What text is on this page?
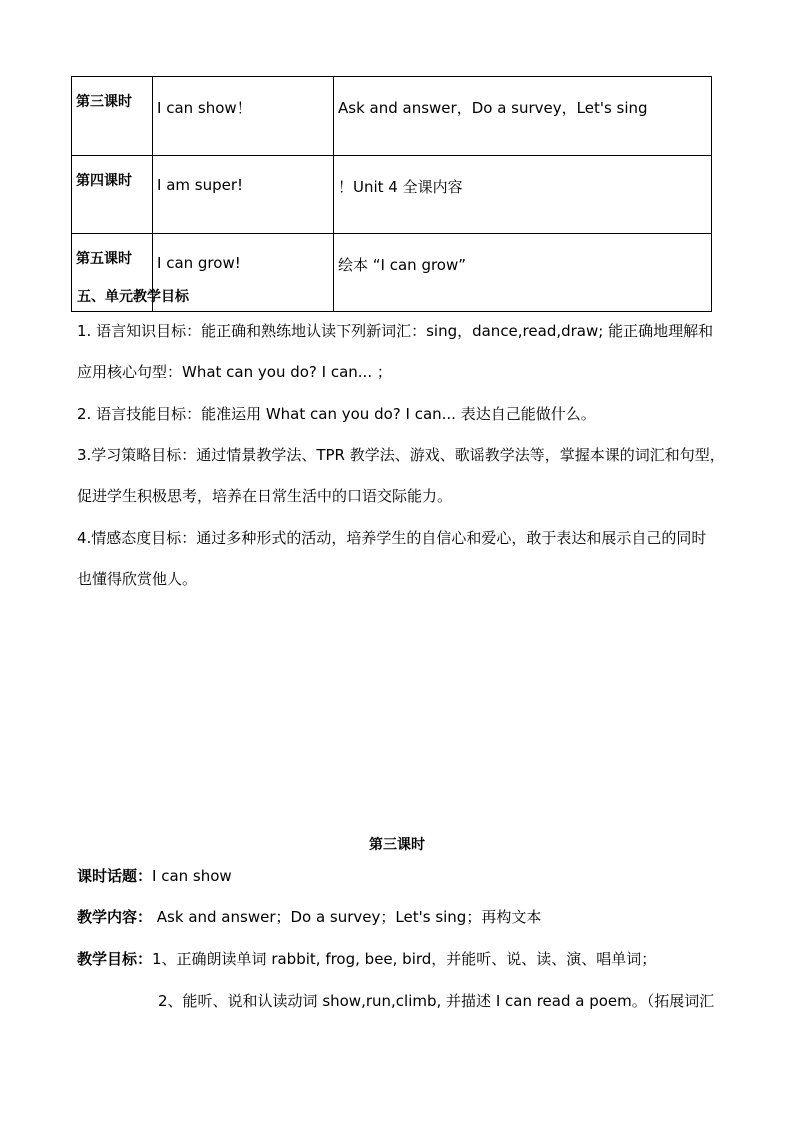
第三课时	I can show！	Ask and answer，Do a survey，Let's sing
第四课时	I am super!	！Unit 4 全课内容
第五课时	I can grow!	绘本 “I can grow”

五、单元教学目标

1. 语言知识目标：能正确和熟练地认读下列新词汇：sing，dance,read,draw; 能正确地理解和

应用核心句型：What can you do? I can... ；

2. 语言技能目标：能准运用 What can you do? I can... 表达自己能做什么。

3.学习策略目标：通过情景教学法、TPR 教学法、游戏、歌谣教学法等，掌握本课的词汇和句型，

促进学生积极思考，培养在日常生活中的口语交际能力。

4.情感态度目标：通过多种形式的活动，培养学生的自信心和爱心，敢于表达和展示自己的同时

也懂得欣赏他人。

第三课时

课时话题：I can show

教学内容： Ask and answer；Do a survey；Let's sing；再构文本

教学目标：1、正确朗读单词 rabbit, frog, bee, bird，并能听、说、读、演、唱单词；

2、能听、说和认读动词 show,run,climb, 并描述 I can read a poem。（拓展词汇
